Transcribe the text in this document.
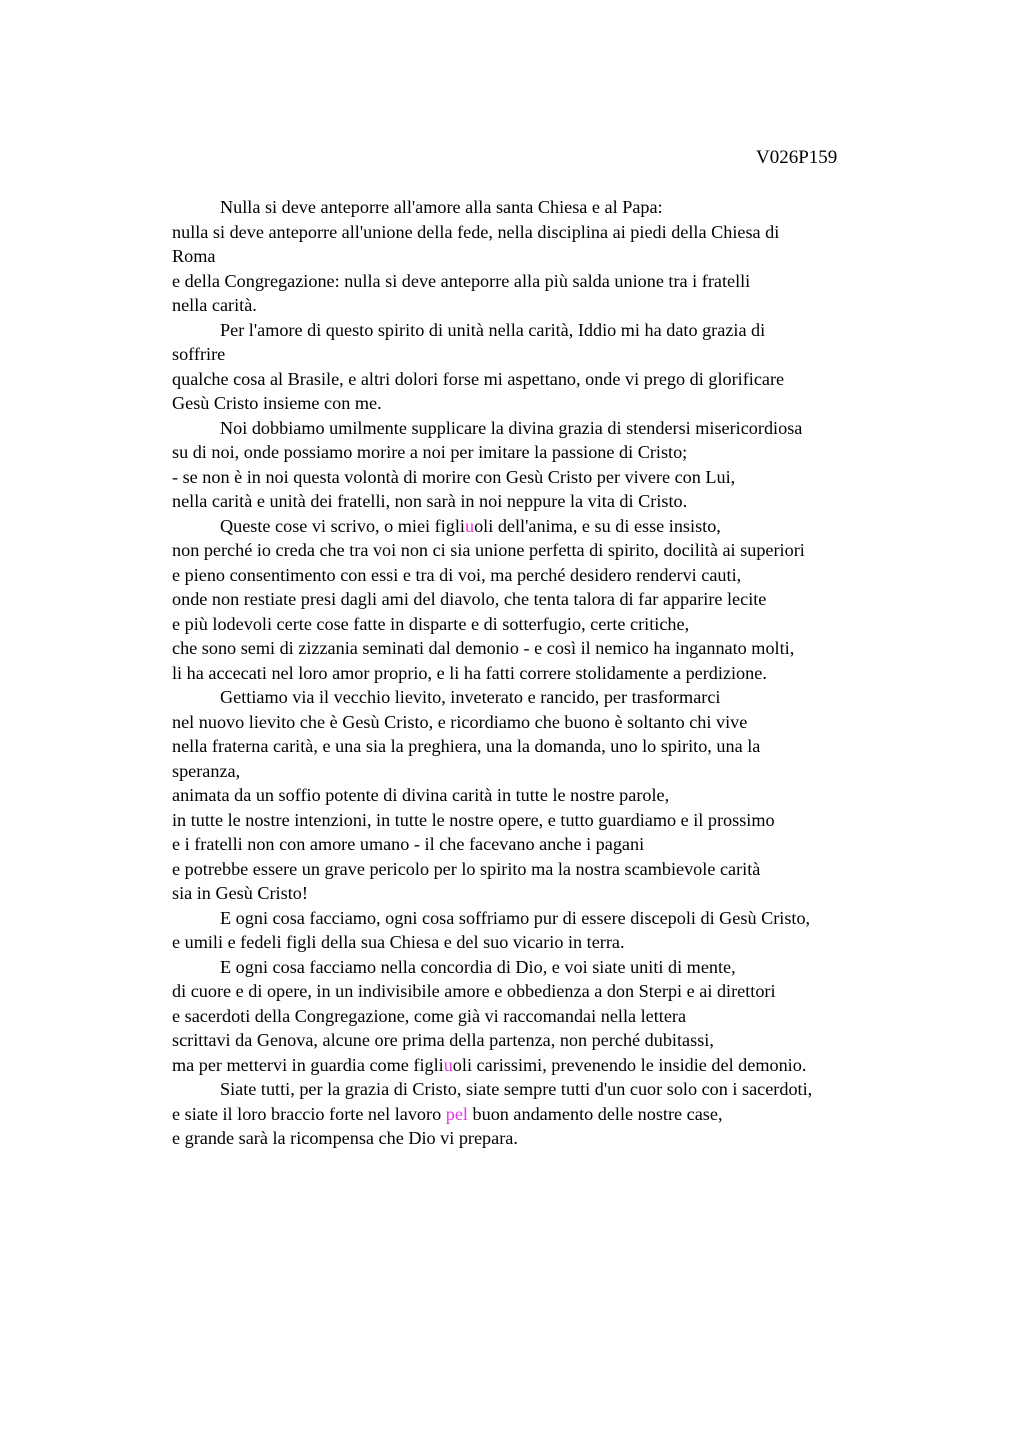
V026P159
Nulla si deve anteporre all'amore alla santa Chiesa e al Papa:
nulla si deve anteporre all'unione della fede, nella disciplina ai piedi della Chiesa di
Roma
e della Congregazione: nulla si deve anteporre alla più salda unione tra i fratelli
nella carità.
Per l'amore di questo spirito di unità nella carità, Iddio mi ha dato grazia di
soffrire
qualche cosa al Brasile, e altri dolori forse mi aspettano, onde vi prego di glorificare
Gesù Cristo insieme con me.
Noi dobbiamo umilmente supplicare la divina grazia di stendersi misericordiosa
su di noi, onde possiamo morire a noi per imitare la passione di Cristo;
- se non è in noi questa volontà di morire con Gesù Cristo per vivere con Lui,
nella carità e unità dei fratelli, non sarà in noi neppure la vita di Cristo.
Queste cose vi scrivo, o miei figliuoli dell'anima, e su di esse insisto,
non perché io creda che tra voi non ci sia unione perfetta di spirito, docilità ai superiori
e pieno consentimento con essi e tra di voi, ma perché desidero rendervi cauti,
onde non restiate presi dagli ami del diavolo, che tenta talora di far apparire lecite
e più lodevoli certe cose fatte in disparte e di sotterfugio, certe critiche,
che sono semi di zizzania seminati dal demonio - e così il nemico ha ingannato molti,
li ha accecati nel loro amor proprio, e li ha fatti correre stolidamente a perdizione.
Gettiamo via il vecchio lievito, inveterato e rancido, per trasformarci
nel nuovo lievito che è Gesù Cristo, e ricordiamo che buono è soltanto chi vive
nella fraterna carità, e una sia la preghiera, una la domanda, uno lo spirito, una la
speranza,
animata da un soffio potente di divina carità in tutte le nostre parole,
in tutte le nostre intenzioni, in tutte le nostre opere, e tutto guardiamo e il prossimo
e i fratelli non con amore umano - il che facevano anche i pagani
e potrebbe essere un grave pericolo per lo spirito ma la nostra scambievole carità
sia in Gesù Cristo!
E ogni cosa facciamo, ogni cosa soffriamo pur di essere discepoli di Gesù Cristo,
e umili e fedeli figli della sua Chiesa e del suo vicario in terra.
E ogni cosa facciamo nella concordia di Dio, e voi siate uniti di mente,
di cuore e di opere, in un indivisibile amore e obbedienza a don Sterpi e ai direttori
e sacerdoti della Congregazione, come già vi raccomandai nella lettera
scrittavi da Genova, alcune ore prima della partenza, non perché dubitassi,
ma per mettervi in guardia come figliuoli carissimi, prevenendo le insidie del demonio.
Siate tutti, per la grazia di Cristo, siate sempre tutti d'un cuor solo con i sacerdoti,
e siate il loro braccio forte nel lavoro pel buon andamento delle nostre case,
e grande sarà la ricompensa che Dio vi prepara.
